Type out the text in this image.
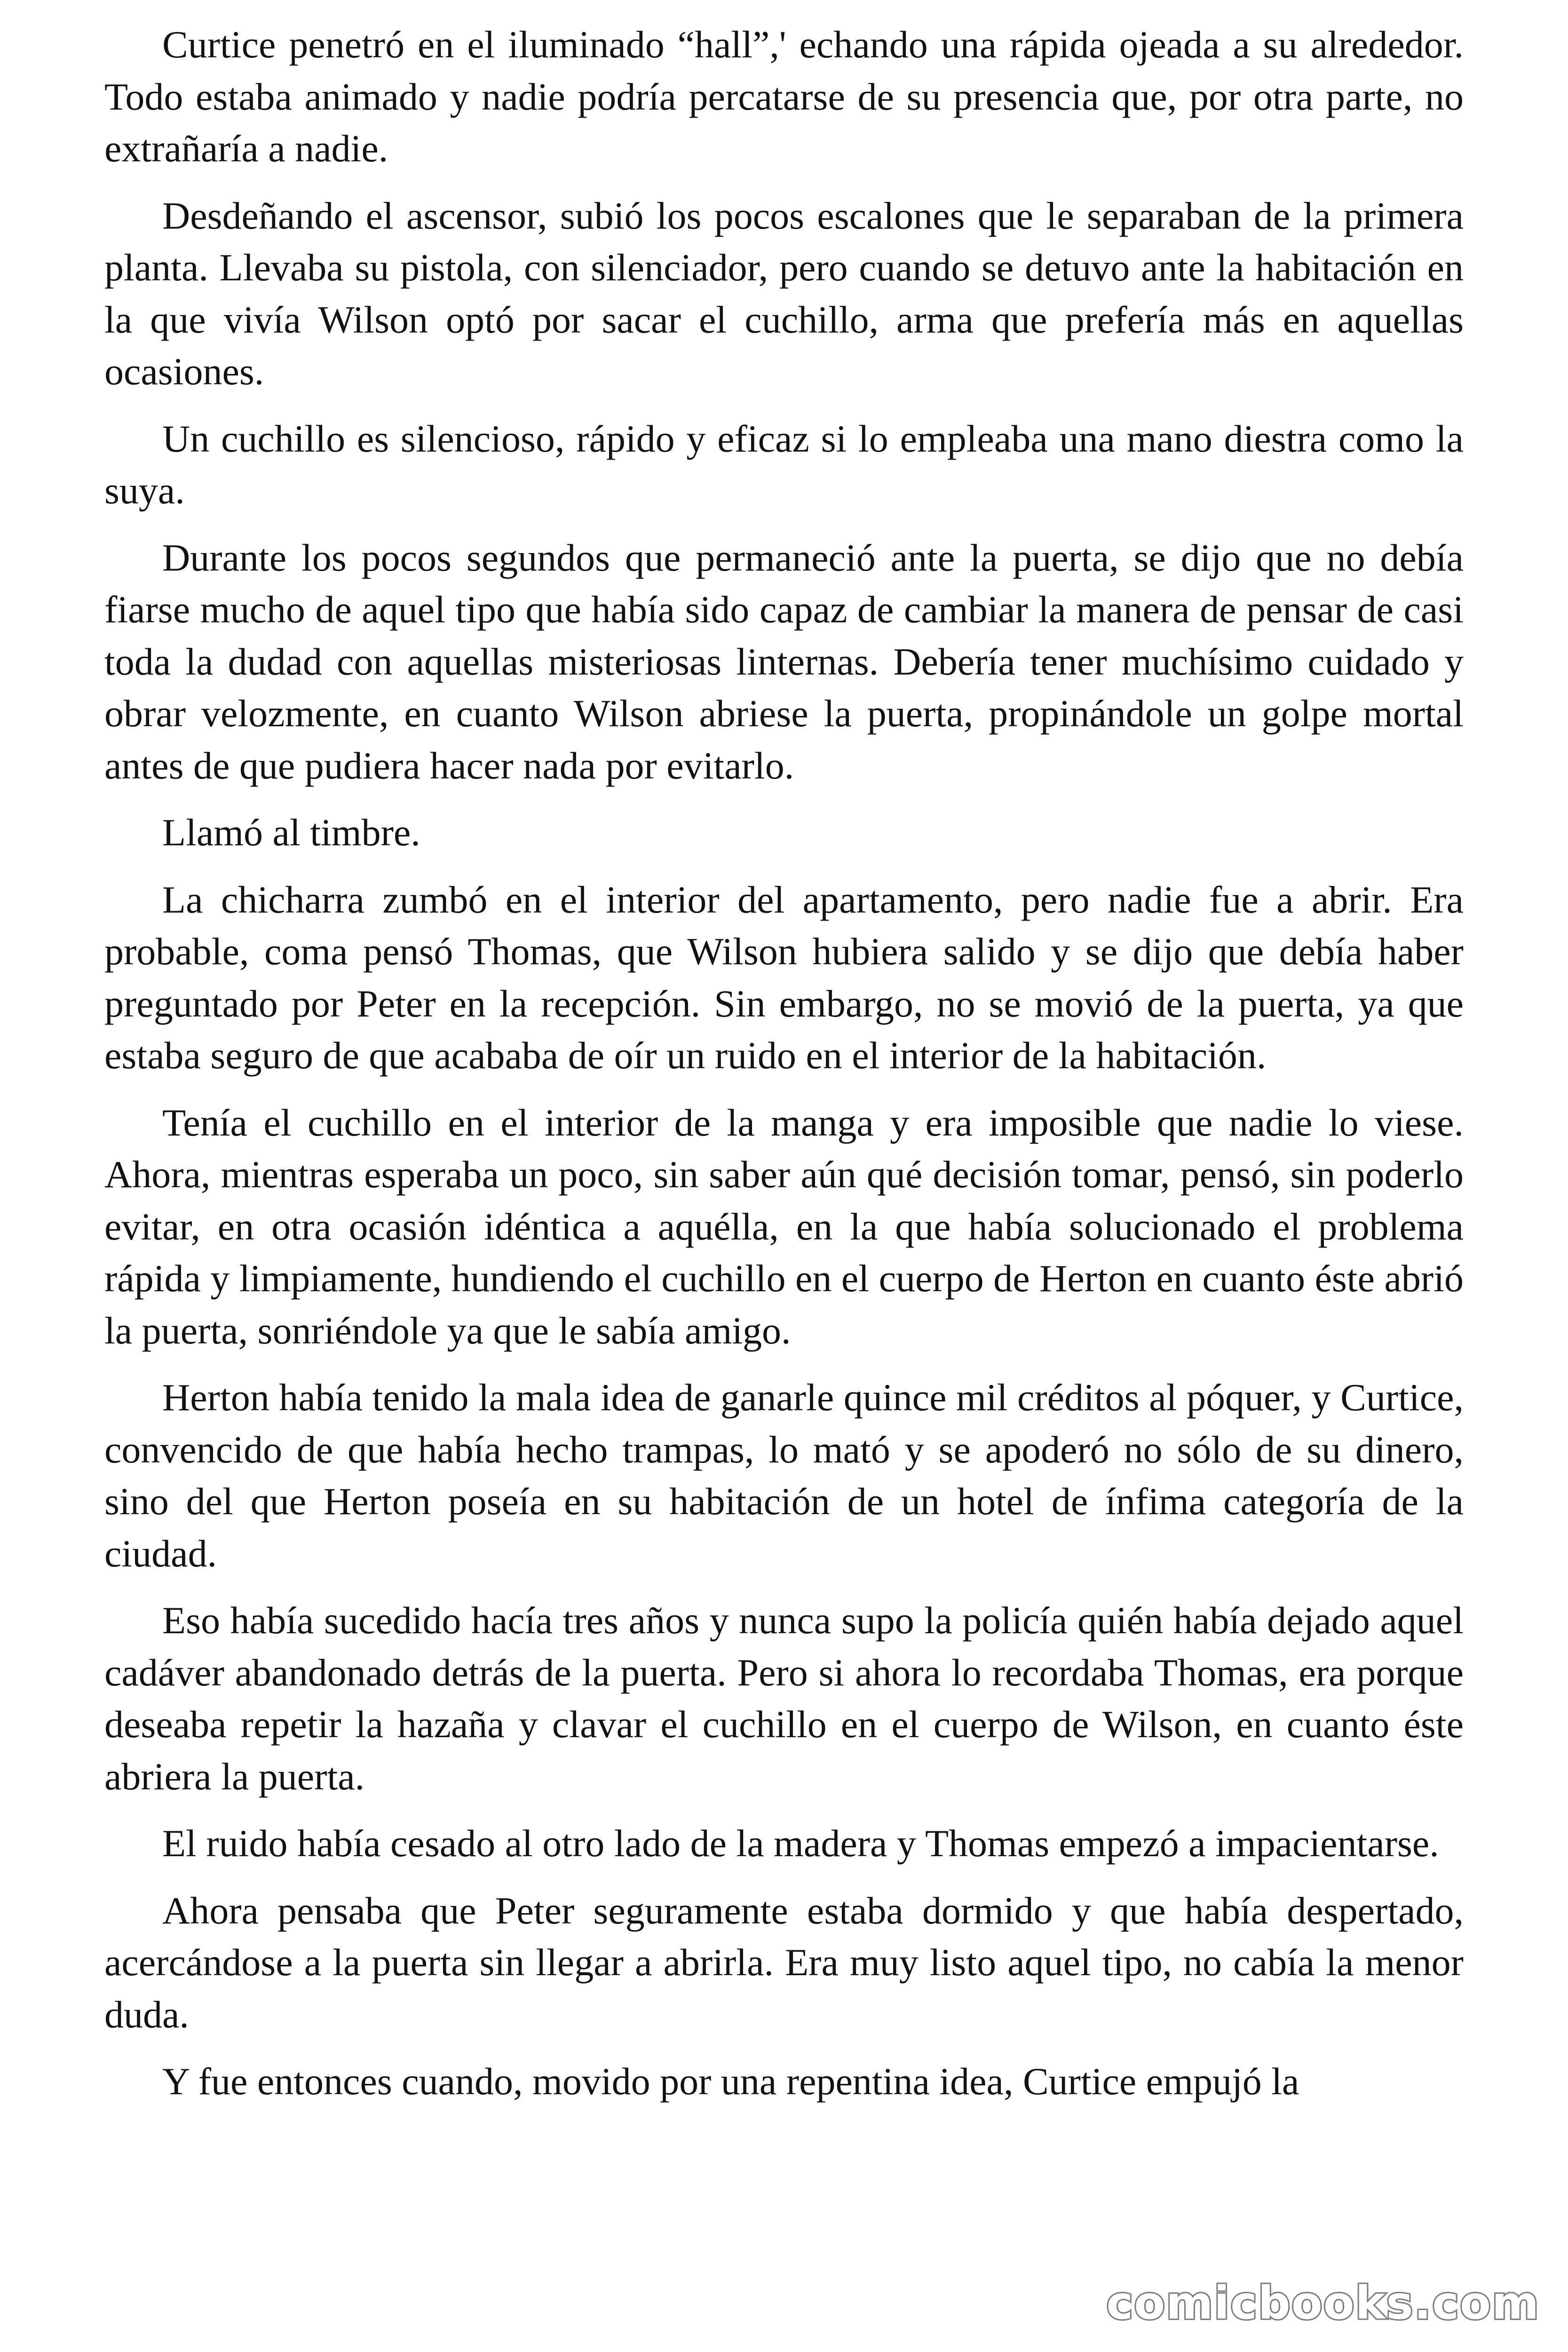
Curtice penetró en el iluminado “hall”,' echando una rápida ojeada a su alrededor. Todo estaba animado y nadie podría percatarse de su presencia que, por otra parte, no extrañaría a nadie.

Desdeñando el ascensor, subió los pocos escalones que le separaban de la primera planta. Llevaba su pistola, con silenciador, pero cuando se detuvo ante la habitación en la que vivía Wilson optó por sacar el cuchillo, arma que prefería más en aquellas ocasiones.

Un cuchillo es silencioso, rápido y eficaz si lo empleaba una mano diestra como la suya.

Durante los pocos segundos que permaneció ante la puerta, se dijo que no debía fiarse mucho de aquel tipo que había sido capaz de cambiar la manera de pensar de casi toda la dudad con aquellas misteriosas linternas. Debería tener muchísimo cuidado y obrar velozmente, en cuanto Wilson abriese la puerta, propinándole un golpe mortal antes de que pudiera hacer nada por evitarlo.

Llamó al timbre.

La chicharra zumbó en el interior del apartamento, pero nadie fue a abrir. Era probable, coma pensó Thomas, que Wilson hubiera salido y se dijo que debía haber preguntado por Peter en la recepción. Sin embargo, no se movió de la puerta, ya que estaba seguro de que acababa de oír un ruido en el interior de la habitación.

Tenía el cuchillo en el interior de la manga y era imposible que nadie lo viese. Ahora, mientras esperaba un poco, sin saber aún qué decisión tomar, pensó, sin poderlo evitar, en otra ocasión idéntica a aquélla, en la que había solucionado el problema rápida y limpiamente, hundiendo el cuchillo en el cuerpo de Herton en cuanto éste abrió la puerta, sonriéndole ya que le sabía amigo.

Herton había tenido la mala idea de ganarle quince mil créditos al póquer, y Curtice, convencido de que había hecho trampas, lo mató y se apoderó no sólo de su dinero, sino del que Herton poseía en su habitación de un hotel de ínfima categoría de la ciudad.

Eso había sucedido hacía tres años y nunca supo la policía quién había dejado aquel cadáver abandonado detrás de la puerta. Pero si ahora lo recordaba Thomas, era porque deseaba repetir la hazaña y clavar el cuchillo en el cuerpo de Wilson, en cuanto éste abriera la puerta.

El ruido había cesado al otro lado de la madera y Thomas empezó a impacientarse.

Ahora pensaba que Peter seguramente estaba dormido y que había despertado, acercándose a la puerta sin llegar a abrirla. Era muy listo aquel tipo, no cabía la menor duda.

Y fue entonces cuando, movido por una repentina idea, Curtice empujó la

comicbooks.com
